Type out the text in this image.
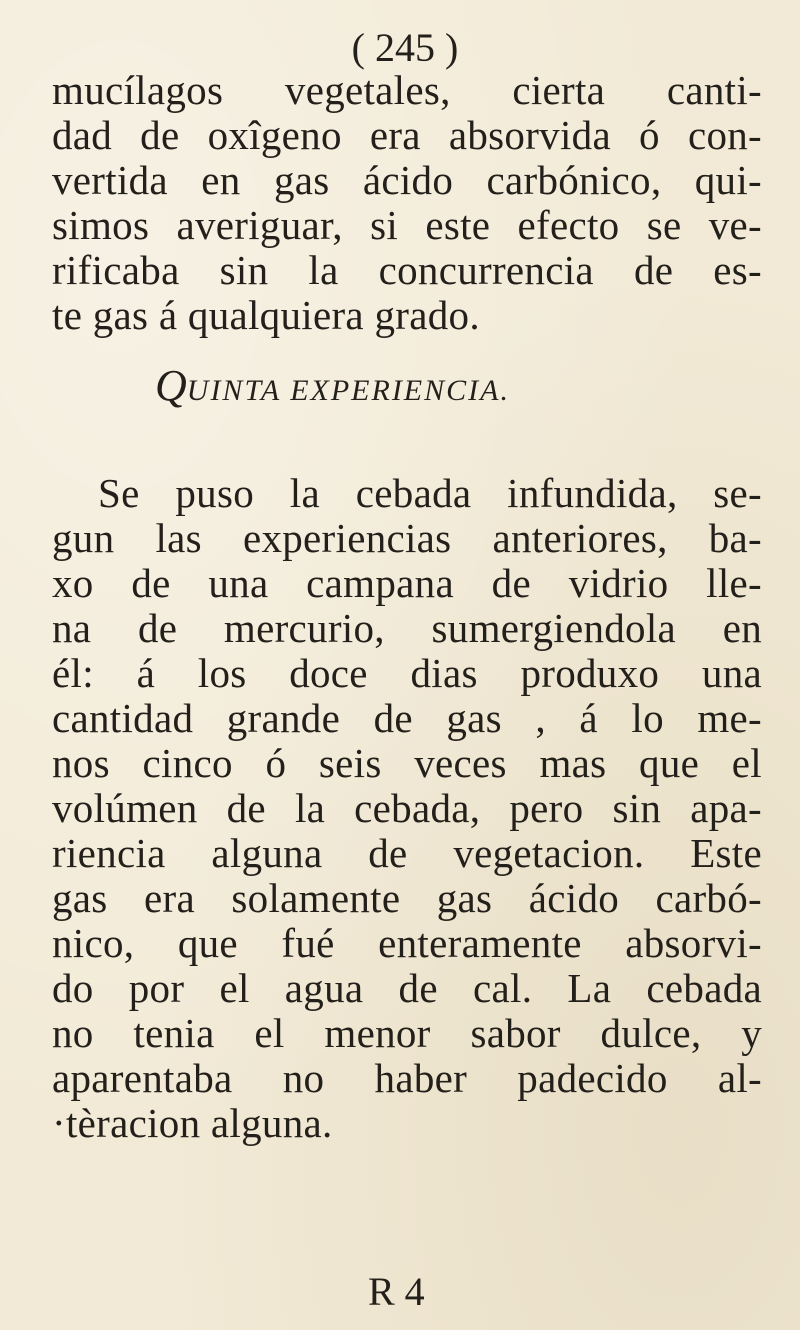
( 245 )
mucílagos vegetales, cierta canti-
dad de oxîgeno era absorvida ó con-
vertida en gas ácido carbónico, qui-
simos averiguar, si este efecto se ve-
rificaba sin la concurrencia de es-
te gas á qualquiera grado.
QUINTA EXPERIENCIA.
Se puso la cebada infundida, se-
gun las experiencias anteriores, ba-
xo de una campana de vidrio lle-
na de mercurio, sumergiendola en
él: á los doce dias produxo una
cantidad grande de gas , á lo me-
nos cinco ó seis veces mas que el
volúmen de la cebada, pero sin apa-
riencia alguna de vegetacion. Este
gas era solamente gas ácido carbó-
nico, que fué enteramente absorvi-
do por el agua de cal. La cebada
no tenia el menor sabor dulce, y
aparentaba no haber padecido al-
·tèracion alguna.
R 4
